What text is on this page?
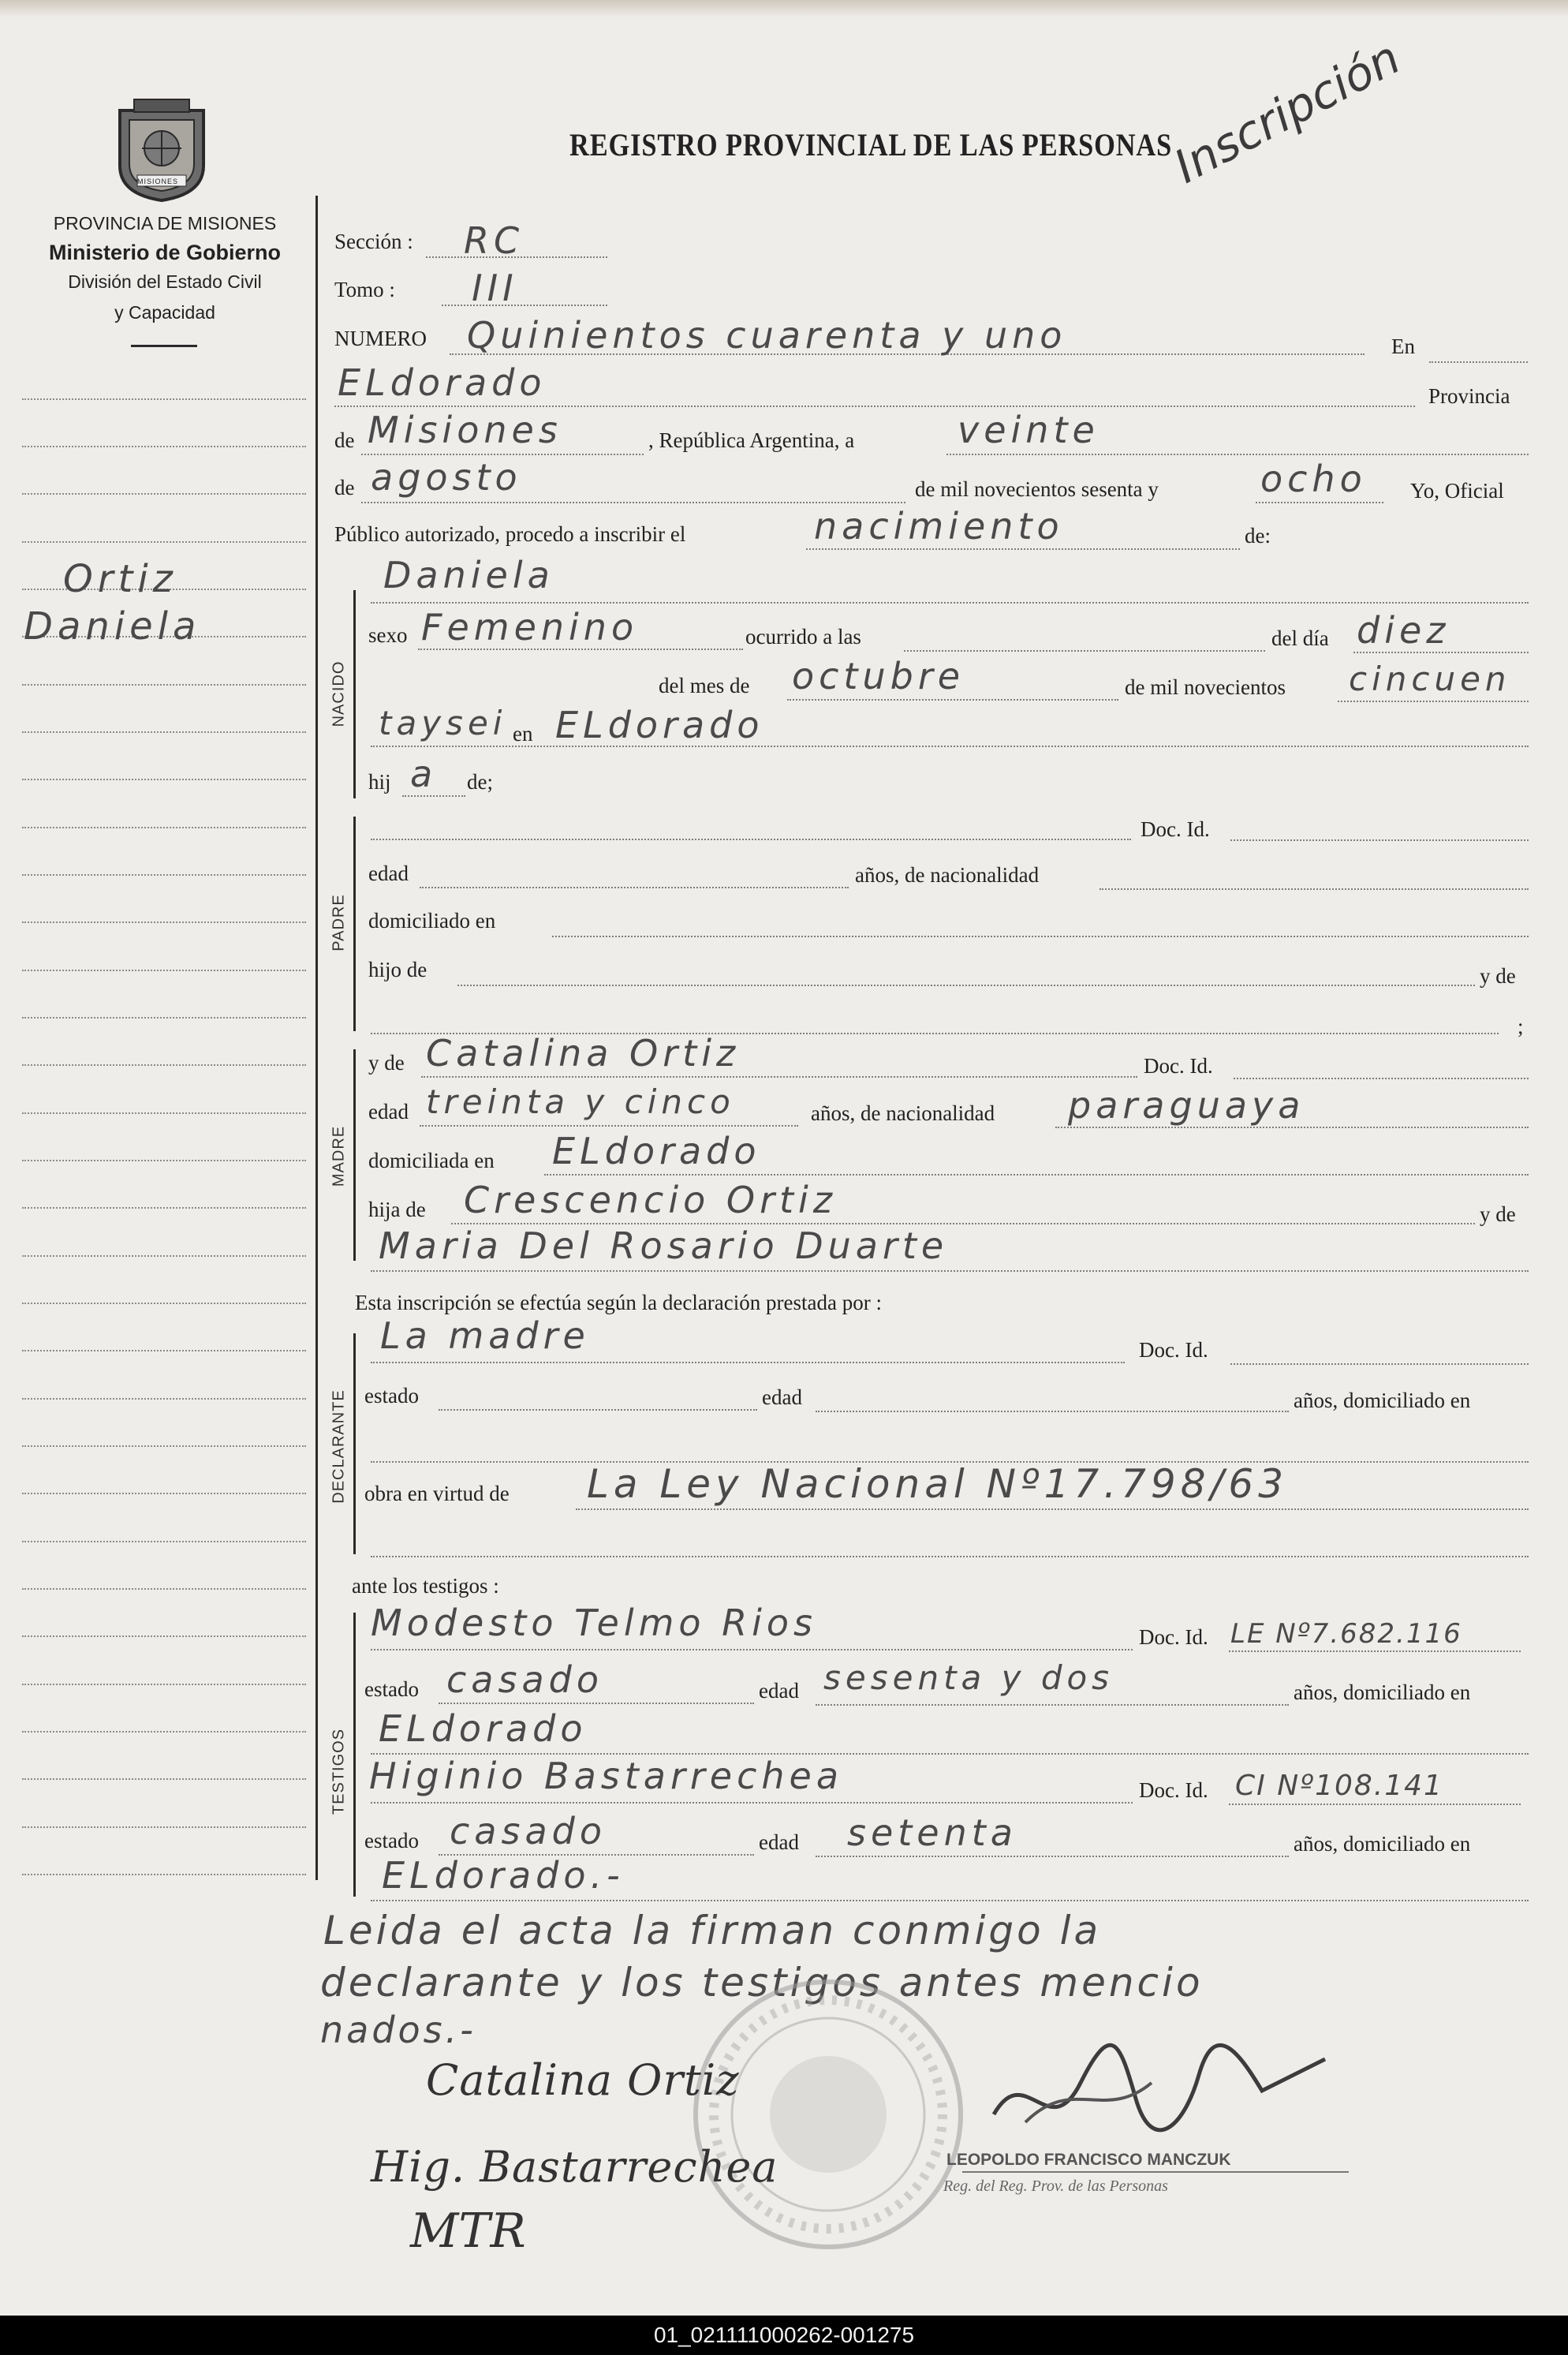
MISIONES
PROVINCIA DE MISIONES
Ministerio de Gobierno
División del Estado Civil
y Capacidad
REGISTRO PROVINCIAL DE LAS PERSONAS
Inscripción
Ortiz
Daniela
Sección : RC
Tomo : III
NUMERO Quinientos cuarenta y uno	En
ELdorado	Provincia
de Misiones	, República Argentina, a	veinte
de agosto	de mil novecientos sesenta y	ocho Yo, Oficial
Público autorizado, procedo a inscribir el	nacimiento	de:
NACIDO
Daniela
sexo Femenino	ocurrido a las	del día diez
del mes de octubre	de mil novecientos cincuen
taysei en ELdorado
hij a de;
PADRE
Doc. Id.
edad	años, de nacionalidad
domiciliado en
hijo de	y de
;
MADRE
y de Catalina Ortiz	Doc. Id.
edad treinta y cinco	años, de nacionalidad paraguaya
domiciliada en ELdorado
hija de Crescencio Ortiz	y de
Maria Del Rosario Duarte
Esta inscripción se efectúa según la declaración prestada por :
DECLARANTE
La madre	Doc. Id.
estado	edad	años, domiciliado en
obra en virtud de La Ley Nacional Nº17.798/63
ante los testigos :
TESTIGOS
Modesto Telmo Rios	Doc. Id. LE Nº7.682.116
estado casado	edad sesenta y dos	años, domiciliado en
ELdorado
Higinio Bastarrechea	Doc. Id. CI Nº108.141
estado casado	edad setenta	años, domiciliado en
ELdorado.-
Leida el acta la firman conmigo la
declarante y los testigos antes mencio
nados.-
LEOPOLDO FRANCISCO MANCZUK
Reg. del Reg. Prov. de las Personas
Catalina Ortiz
Hig. Bastarrechea
MTR
01_021111000262-001275
